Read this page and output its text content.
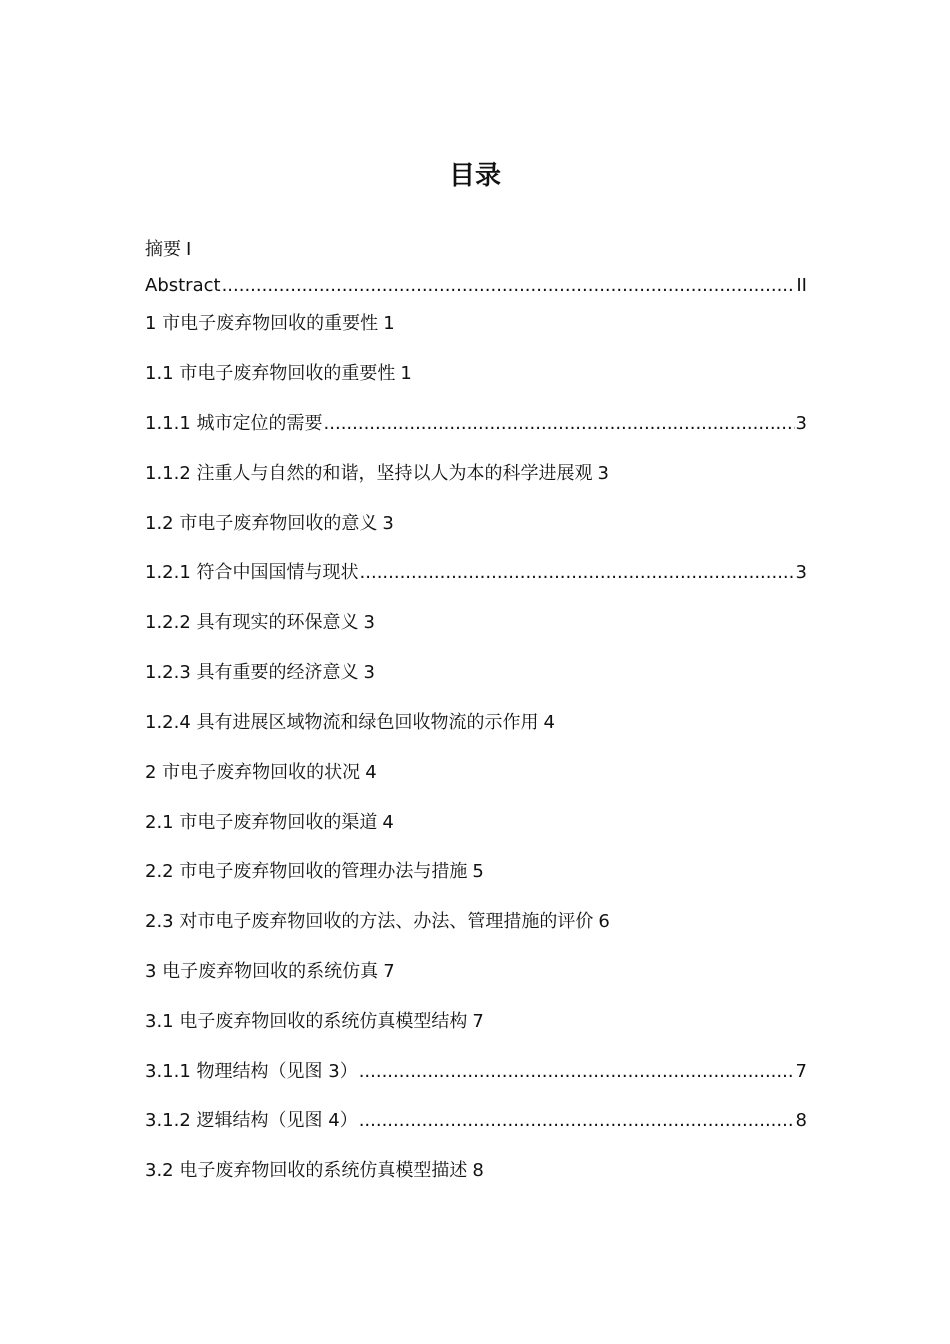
目录
摘要 I
Abstract .....	II
1 市电子废弃物回收的重要性 1
1.1 市电子废弃物回收的重要性 1
1.1.1 城市定位的需要 .....	3
1.1.2 注重人与自然的和谐，坚持以人为本的科学进展观 3
1.2 市电子废弃物回收的意义 3
1.2.1 符合中国国情与现状 .....	3
1.2.2 具有现实的环保意义 3
1.2.3 具有重要的经济意义 3
1.2.4 具有进展区域物流和绿色回收物流的示作用 4
2 市电子废弃物回收的状况 4
2.1 市电子废弃物回收的渠道 4
2.2 市电子废弃物回收的管理办法与措施 5
2.3 对市电子废弃物回收的方法、办法、管理措施的评价 6
3 电子废弃物回收的系统仿真 7
3.1 电子废弃物回收的系统仿真模型结构 7
3.1.1 物理结构（见图 3） .....	7
3.1.2 逻辑结构（见图 4） .....	8
3.2 电子废弃物回收的系统仿真模型描述 8
